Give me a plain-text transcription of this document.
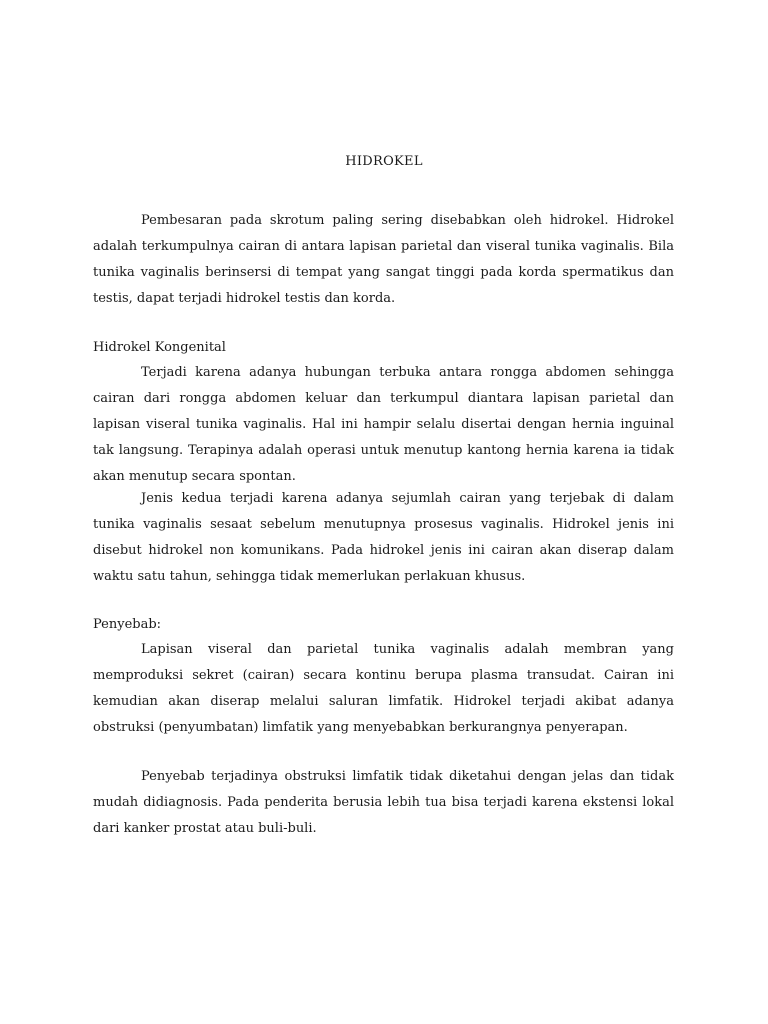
HIDROKEL

Pembesaran pada skrotum paling sering disebabkan oleh hidrokel. Hidrokel adalah terkumpulnya cairan di antara lapisan parietal dan viseral tunika vaginalis. Bila tunika vaginalis berinsersi di tempat yang sangat tinggi pada korda spermatikus dan testis, dapat terjadi hidrokel testis dan korda.

Hidrokel Kongenital

Terjadi karena adanya hubungan terbuka antara rongga abdomen sehingga cairan dari rongga abdomen keluar dan terkumpul diantara lapisan parietal dan lapisan viseral tunika vaginalis. Hal ini hampir selalu disertai dengan hernia inguinal tak langsung. Terapinya adalah operasi untuk menutup kantong hernia karena ia tidak akan menutup secara spontan.

Jenis kedua terjadi karena adanya sejumlah cairan yang terjebak di dalam tunika vaginalis sesaat sebelum menutupnya prosesus vaginalis. Hidrokel jenis ini disebut hidrokel non komunikans. Pada hidrokel jenis ini cairan akan diserap dalam waktu satu tahun, sehingga tidak memerlukan perlakuan khusus.

Penyebab:

Lapisan viseral dan parietal tunika vaginalis adalah membran yang memproduksi sekret (cairan) secara kontinu berupa plasma transudat. Cairan ini kemudian akan diserap melalui saluran limfatik. Hidrokel terjadi akibat adanya obstruksi (penyumbatan) limfatik yang menyebabkan berkurangnya penyerapan.

Penyebab terjadinya obstruksi limfatik tidak diketahui dengan jelas dan tidak mudah didiagnosis. Pada penderita berusia lebih tua bisa terjadi karena ekstensi lokal dari kanker prostat atau buli-buli.
